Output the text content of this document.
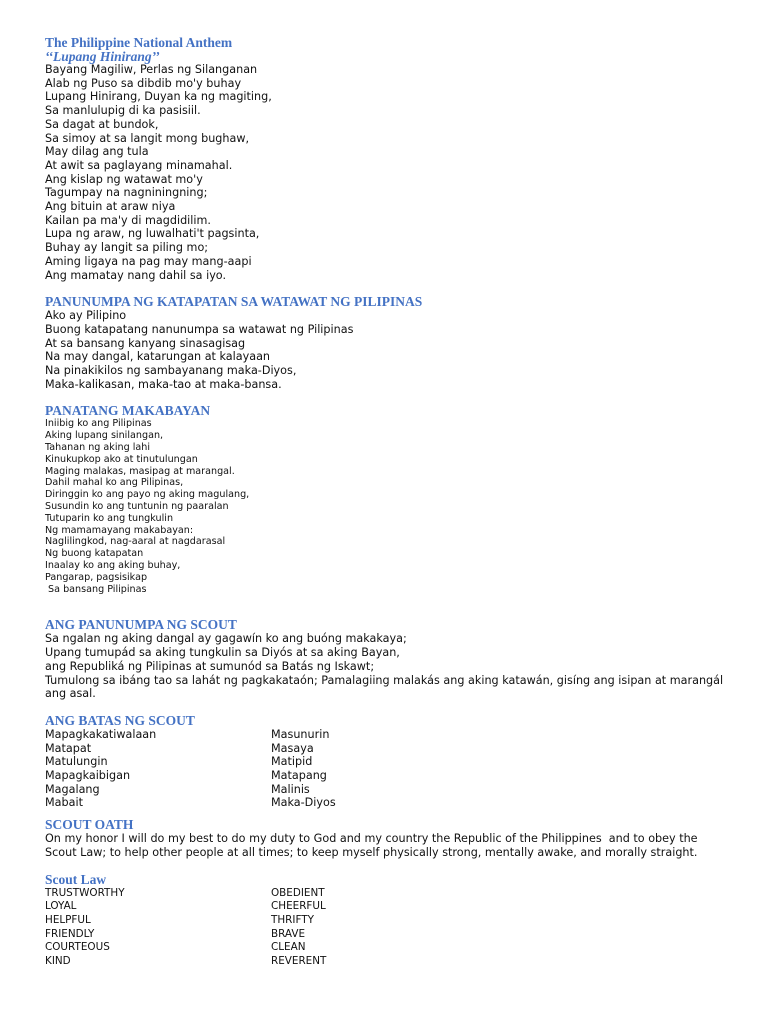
The Philippine National Anthem
‘‘Lupang Hinirang’’
Bayang Magiliw, Perlas ng Silanganan
Alab ng Puso sa dibdib mo'y buhay
Lupang Hinirang, Duyan ka ng magiting,
Sa manlulupig di ka pasisiil.
Sa dagat at bundok,
Sa simoy at sa langit mong bughaw,
May dilag ang tula
At awit sa paglayang minamahal.
Ang kislap ng watawat mo'y
Tagumpay na nagniningning;
Ang bituin at araw niya
Kailan pa ma'y di magdidilim.
Lupa ng araw, ng luwalhati't pagsinta,
Buhay ay langit sa piling mo;
Aming ligaya na pag may mang-aapi
Ang mamatay nang dahil sa iyo.
PANUNUMPA NG KATAPATAN SA WATAWAT NG PILIPINAS
Ako ay Pilipino
Buong katapatang nanunumpa sa watawat ng Pilipinas
At sa bansang kanyang sinasagisag
Na may dangal, katarungan at kalayaan
Na pinakikilos ng sambayanang maka-Diyos,
Maka-kalikasan, maka-tao at maka-bansa.
PANATANG MAKABAYAN
Iniibig ko ang Pilipinas
Aking lupang sinilangan,
Tahanan ng aking lahi
Kinukupkop ako at tinutulungan
Maging malakas, masipag at marangal.
Dahil mahal ko ang Pilipinas,
Diringgin ko ang payo ng aking magulang,
Susundin ko ang tuntunin ng paaralan
Tutuparin ko ang tungkulin
Ng mamamayang makabayan:
Naglilingkod, nag-aaral at nagdarasal
Ng buong katapatan
Inaalay ko ang aking buhay,
Pangarap, pagsisikap
Sa bansang Pilipinas
ANG PANUNUMPA NG SCOUT
Sa ngalan ng aking dangal ay gagawín ko ang buóng makakaya;
Upang tumupád sa aking tungkulin sa Diyós at sa aking Bayan,
ang Republiká ng Pilipinas at sumunód sa Batás ng Iskawt;

Tumulong sa ibáng tao sa lahát ng pagkakataón; Pamalagiing malakás ang aking katawán, gisíng ang isipan at marangál ang asal.

ANG BATAS NG SCOUT
Mapagkakatiwalaan	Masunurin
Matapat	Masaya
Matulungin	Matipid
Mapagkaibigan	Matapang
Magalang	Malinis
Mabait	Maka-Diyos
SCOUT OATH

On my honor I will do my best to do my duty to God and my country the Republic of the Philippines  and to obey the Scout Law; to help other people at all times; to keep myself physically strong, mentally awake, and morally straight.

Scout Law
TRUSTWORTHY	OBEDIENT
LOYAL	CHEERFUL
HELPFUL	THRIFTY
FRIENDLY	BRAVE
COURTEOUS	CLEAN
KIND	REVERENT
